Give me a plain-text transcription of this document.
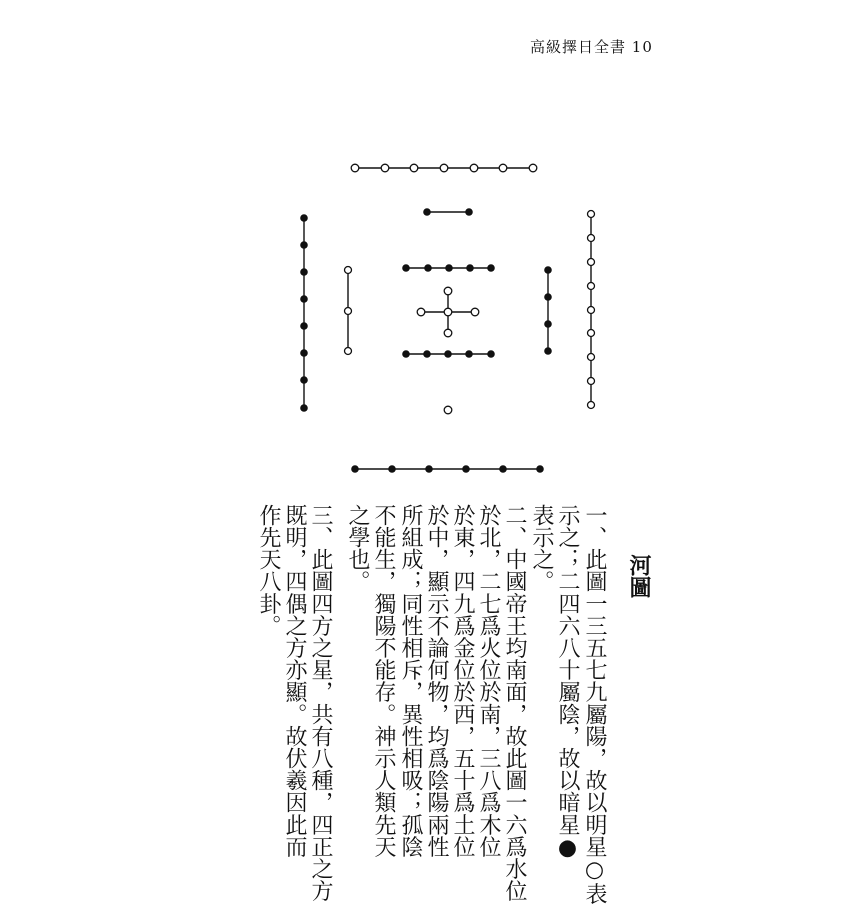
高級擇日全書 10
河圖
一、此圖一三五七九屬陽，故以明星○表
示之；二四六八十屬陰，故以暗星●
表示之。
二、中國帝王均南面，故此圖一六爲水位
於北，二七爲火位於南，三八爲木位
於東，四九爲金位於西，五十爲土位
於中，顯示不論何物，均爲陰陽兩性
所組成；同性相斥，異性相吸；孤陰
不能生，獨陽不能存。神示人類先天
之學也。
三、此圖四方之星，共有八種，四正之方
既明，四偶之方亦顯。故伏羲因此而
作先天八卦。
